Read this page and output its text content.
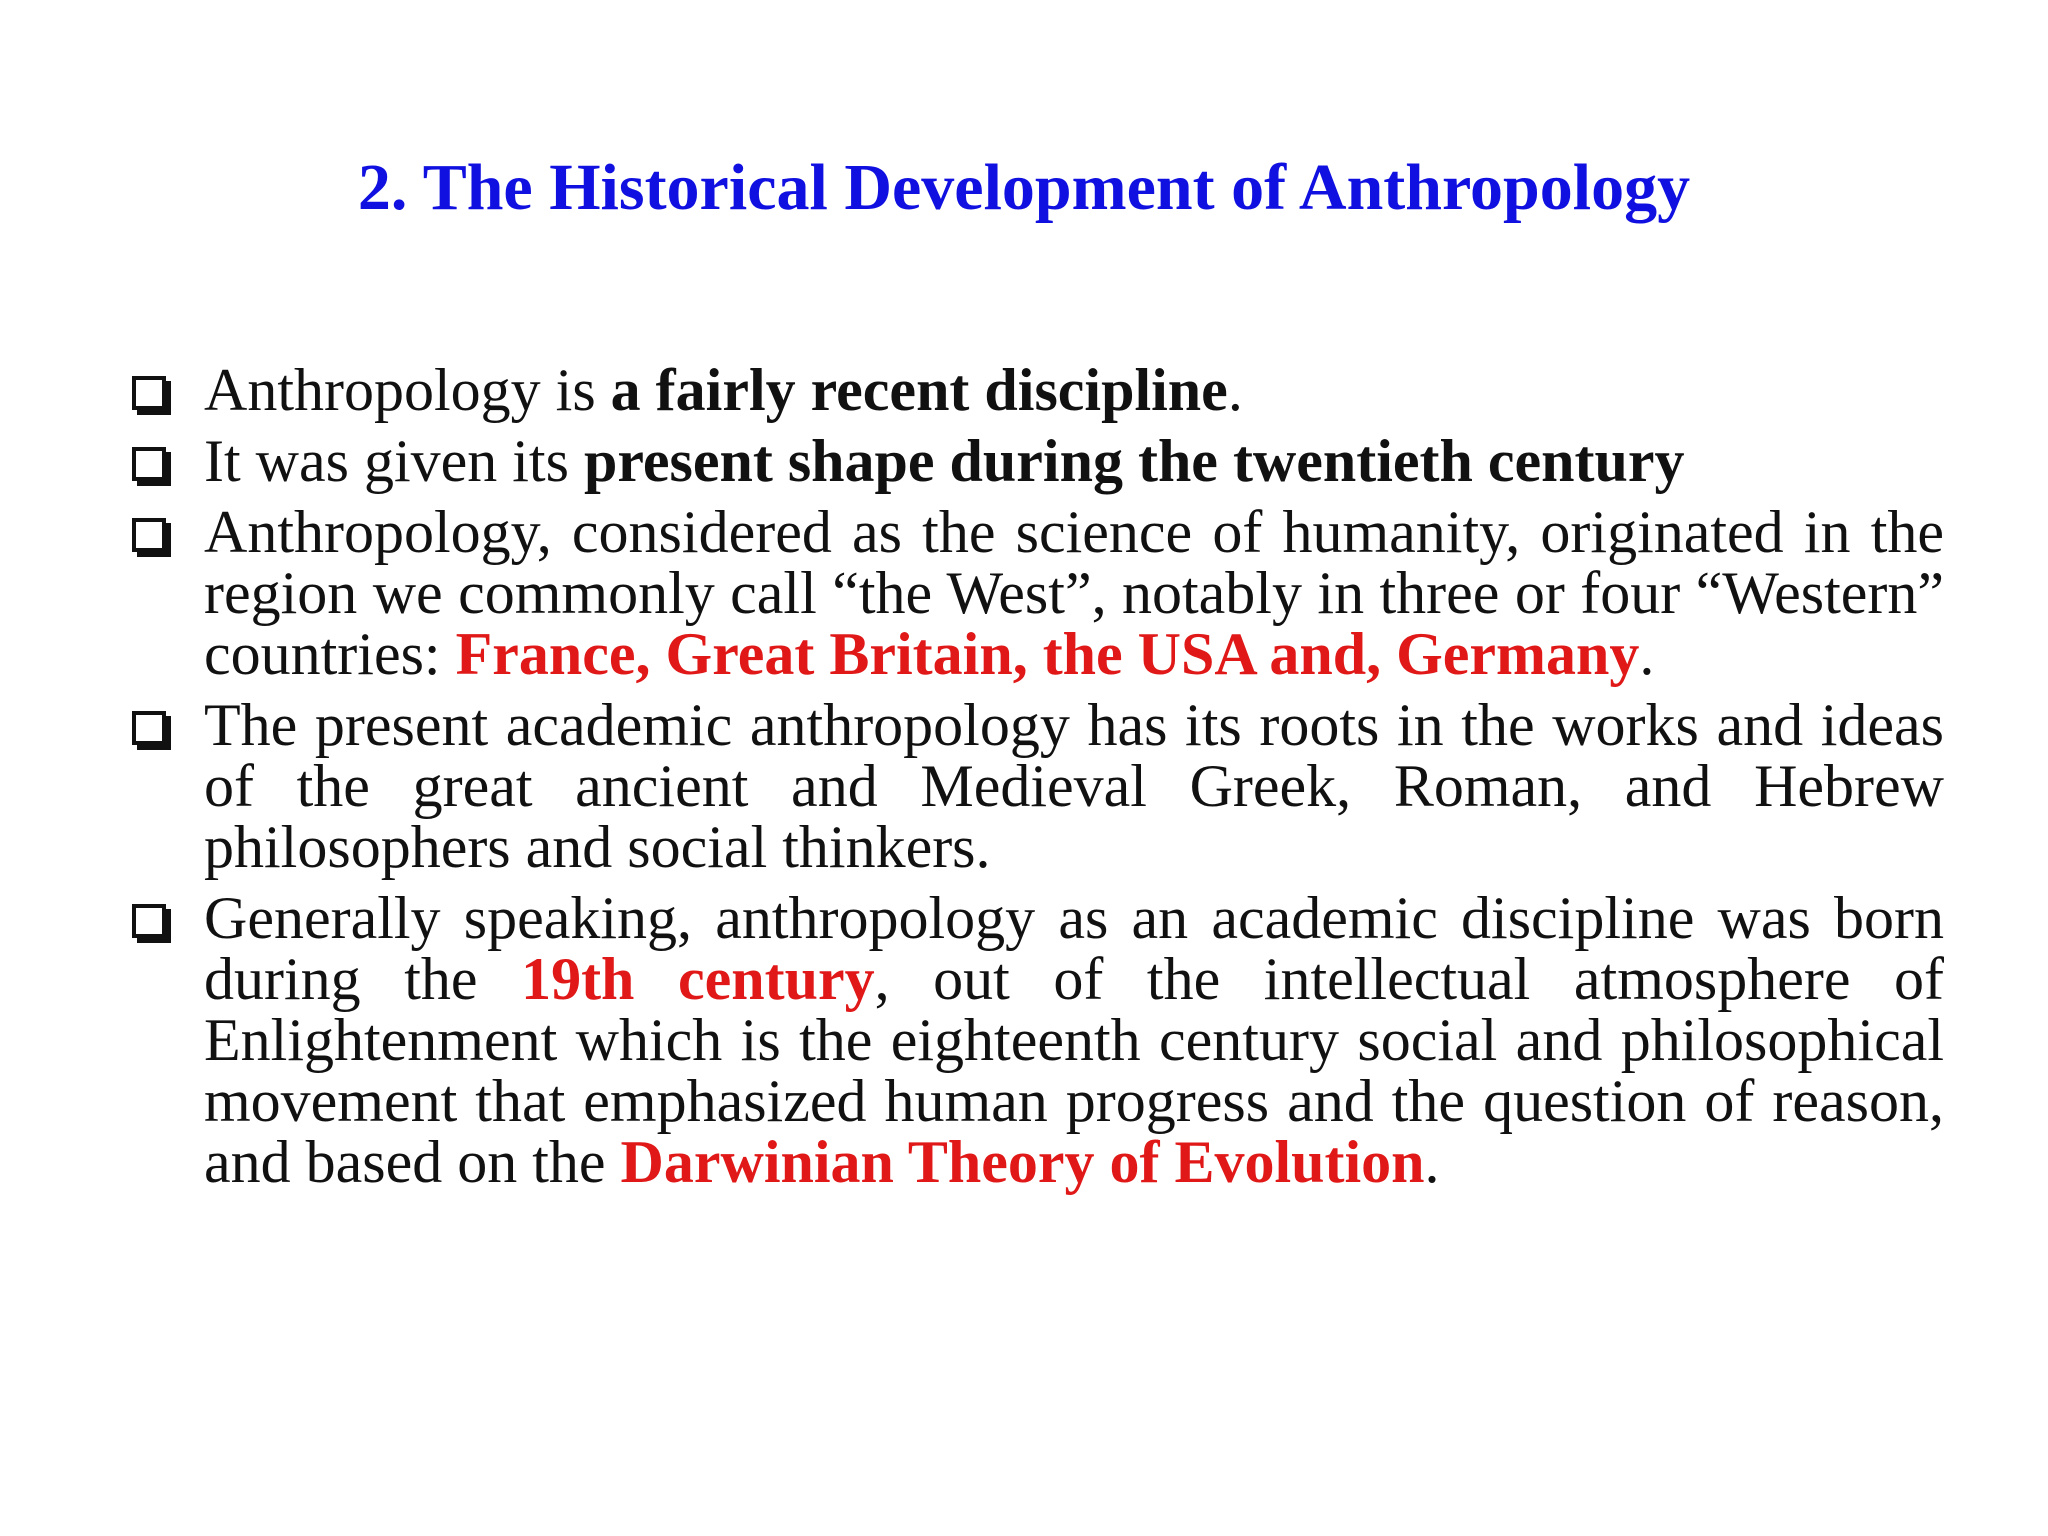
2. The Historical Development of Anthropology
Anthropology is a fairly recent discipline.
It was given its present shape during the twentieth century
Anthropology, considered as the science of humanity, originated in the region we commonly call “the West”, notably in three or four “Western” countries: France, Great Britain, the USA and, Germany.
The present academic anthropology has its roots in the works and ideas of the great ancient and Medieval Greek, Roman, and Hebrew philosophers and social thinkers.
Generally speaking, anthropology as an academic discipline was born during the 19th century, out of the intellectual atmosphere of Enlightenment which is the eighteenth century social and philosophical movement that emphasized human progress and the question of reason, and based on the Darwinian Theory of Evolution.
